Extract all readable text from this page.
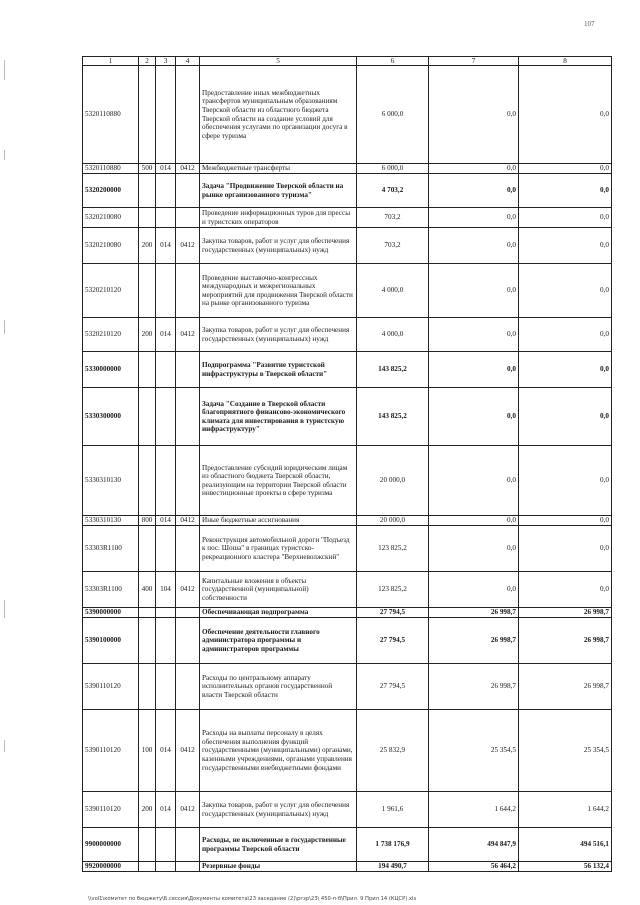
107
1	2	3	4	5	6	7	8
5320110880				Предоставление иных межбюджетных трансфертов муниципальным образованиям Тверской области из областного бюджета Тверской области на создание условий для обеспечения услугами по организации досуга в сфере туризма	6 000,0	0,0	0,0
5320110880	500	014	0412	Межбюджетные трансферты	6 000,0	0,0	0,0
5320200000				Задача "Продвижение Тверской области на рынке организованного туризма"	4 703,2	0,0	0,0
5320210080				Проведение информационных туров для прессы и туристских операторов	703,2	0,0	0,0
5320210080	200	014	0412	Закупка товаров, работ и услуг для обеспечения государственных (муниципальных) нужд	703,2	0,0	0,0
5320210120				Проведение выставочно-конгрессных международных и межрегиональных мероприятий для продвижения Тверской области на рынке организованного туризма	4 000,0	0,0	0,0
5320210120	200	014	0412	Закупка товаров, работ и услуг для обеспечения государственных (муниципальных) нужд	4 000,0	0,0	0,0
5330000000				Подпрограмма "Развитие туристской инфраструктуры в Тверской области"	143 825,2	0,0	0,0
5330300000				Задача "Создание в Тверской области благоприятного финансово-экономического климата для инвестирования в туристскую инфраструктуру"	143 825,2	0,0	0,0
5330310130				Предоставление субсидий юридическим лицам из областного бюджета Тверской области, реализующим на территории Тверской области инвестиционные проекты в сфере туризма	20 000,0	0,0	0,0
5330310130	800	014	0412	Иные бюджетные ассигнования	20 000,0	0,0	0,0
53303R1100				Реконструкция автомобильной дороги "Подъезд к пос. Шоша" в границах туристско-рекреационного кластера "Верхневолжский"	123 825,2	0,0	0,0
53303R1100	400	104	0412	Капитальные вложения в объекты государственной (муниципальной) собственности	123 825,2	0,0	0,0
5390000000				Обеспечивающая подпрограмма	27 794,5	26 998,7	26 998,7
5390100000				Обеспечение деятельности главного администратора программы и администраторов программы	27 794,5	26 998,7	26 998,7
5390110120				Расходы по центральному аппарату исполнительных органов государственной власти Тверской области	27 794,5	26 998,7	26 998,7
5390110120	100	014	0412	Расходы на выплаты персоналу в целях обеспечения выполнения функций государственными (муниципальными) органами, казенными учреждениями, органами управления государственными внебюджетными фондами	25 832,9	25 354,5	25 354,5
5390110120	200	014	0412	Закупка товаров, работ и услуг для обеспечения государственных (муниципальных) нужд	1 961,6	1 644,2	1 644,2
9900000000				Расходы, не включенные в государственные программы Тверской области	1 738 176,9	494 847,9	494 516,1
9920000000				Резервные фонды	194 490,7	56 464,2	56 132,4
\\vol1\комитет по бюджету\Б.сессия\Документы комитета\23 заседание (2)\ргзр\23\ 450-п-б\Прил. 9 Прил 14 (КЦСР).xls
